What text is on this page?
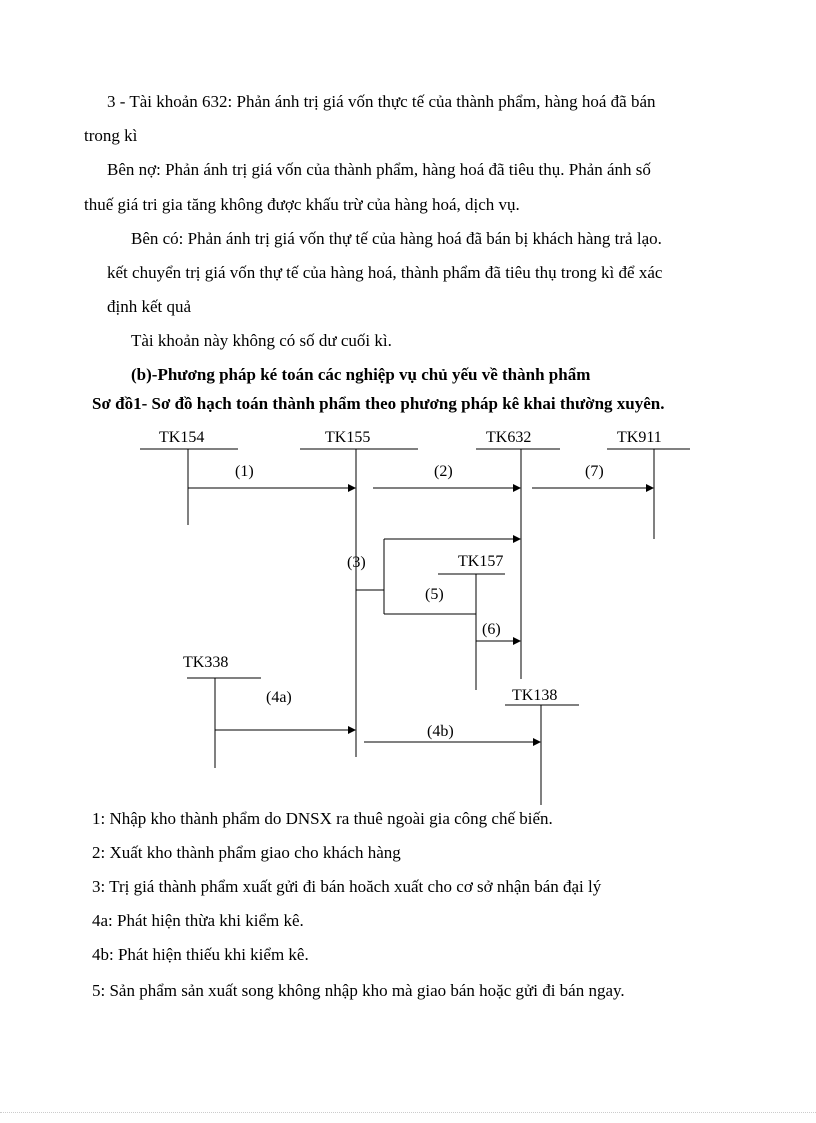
3 - Tài khoản 632: Phản ánh trị giá vốn thực tế của thành phẩm, hàng hoá đã bán
trong kì
Bên nợ: Phản ánh trị giá vốn của thành phẩm, hàng hoá đã tiêu thụ. Phản ánh số
thuế giá tri gia tăng không được khấu trừ của hàng hoá, dịch vụ.
Bên có: Phản ánh trị giá vốn thự tế của hàng hoá đã bán bị khách hàng trả lạo.
kết chuyển trị giá vốn thự tế của hàng hoá, thành phẩm đã tiêu thụ trong kì để xác
định kết quả
Tài khoản này không có số dư cuối kì.
(b)-Phương pháp ké toán các nghiệp vụ chủ yếu về thành phẩm
Sơ đồ1- Sơ đồ hạch toán thành phẩm theo phương pháp kê khai thường xuyên.
TK154	TK155	TK632	TK911
(1)	(2)	(7)
(3)	TK157
(5)
(6)
TK338
(4a)	TK138
(4b)
1: Nhập kho thành phẩm do DNSX ra thuê ngoài gia công chế biến.
2: Xuất kho thành phẩm giao cho khách hàng
3: Trị giá thành phẩm xuất gửi đi bán hoăch xuất cho cơ sở nhận bán đại lý
4a: Phát hiện thừa khi kiểm kê.
4b: Phát hiện thiếu khi kiểm kê.
5: Sản phẩm sản xuất song không nhập kho mà giao bán hoặc gửi đi bán ngay.
